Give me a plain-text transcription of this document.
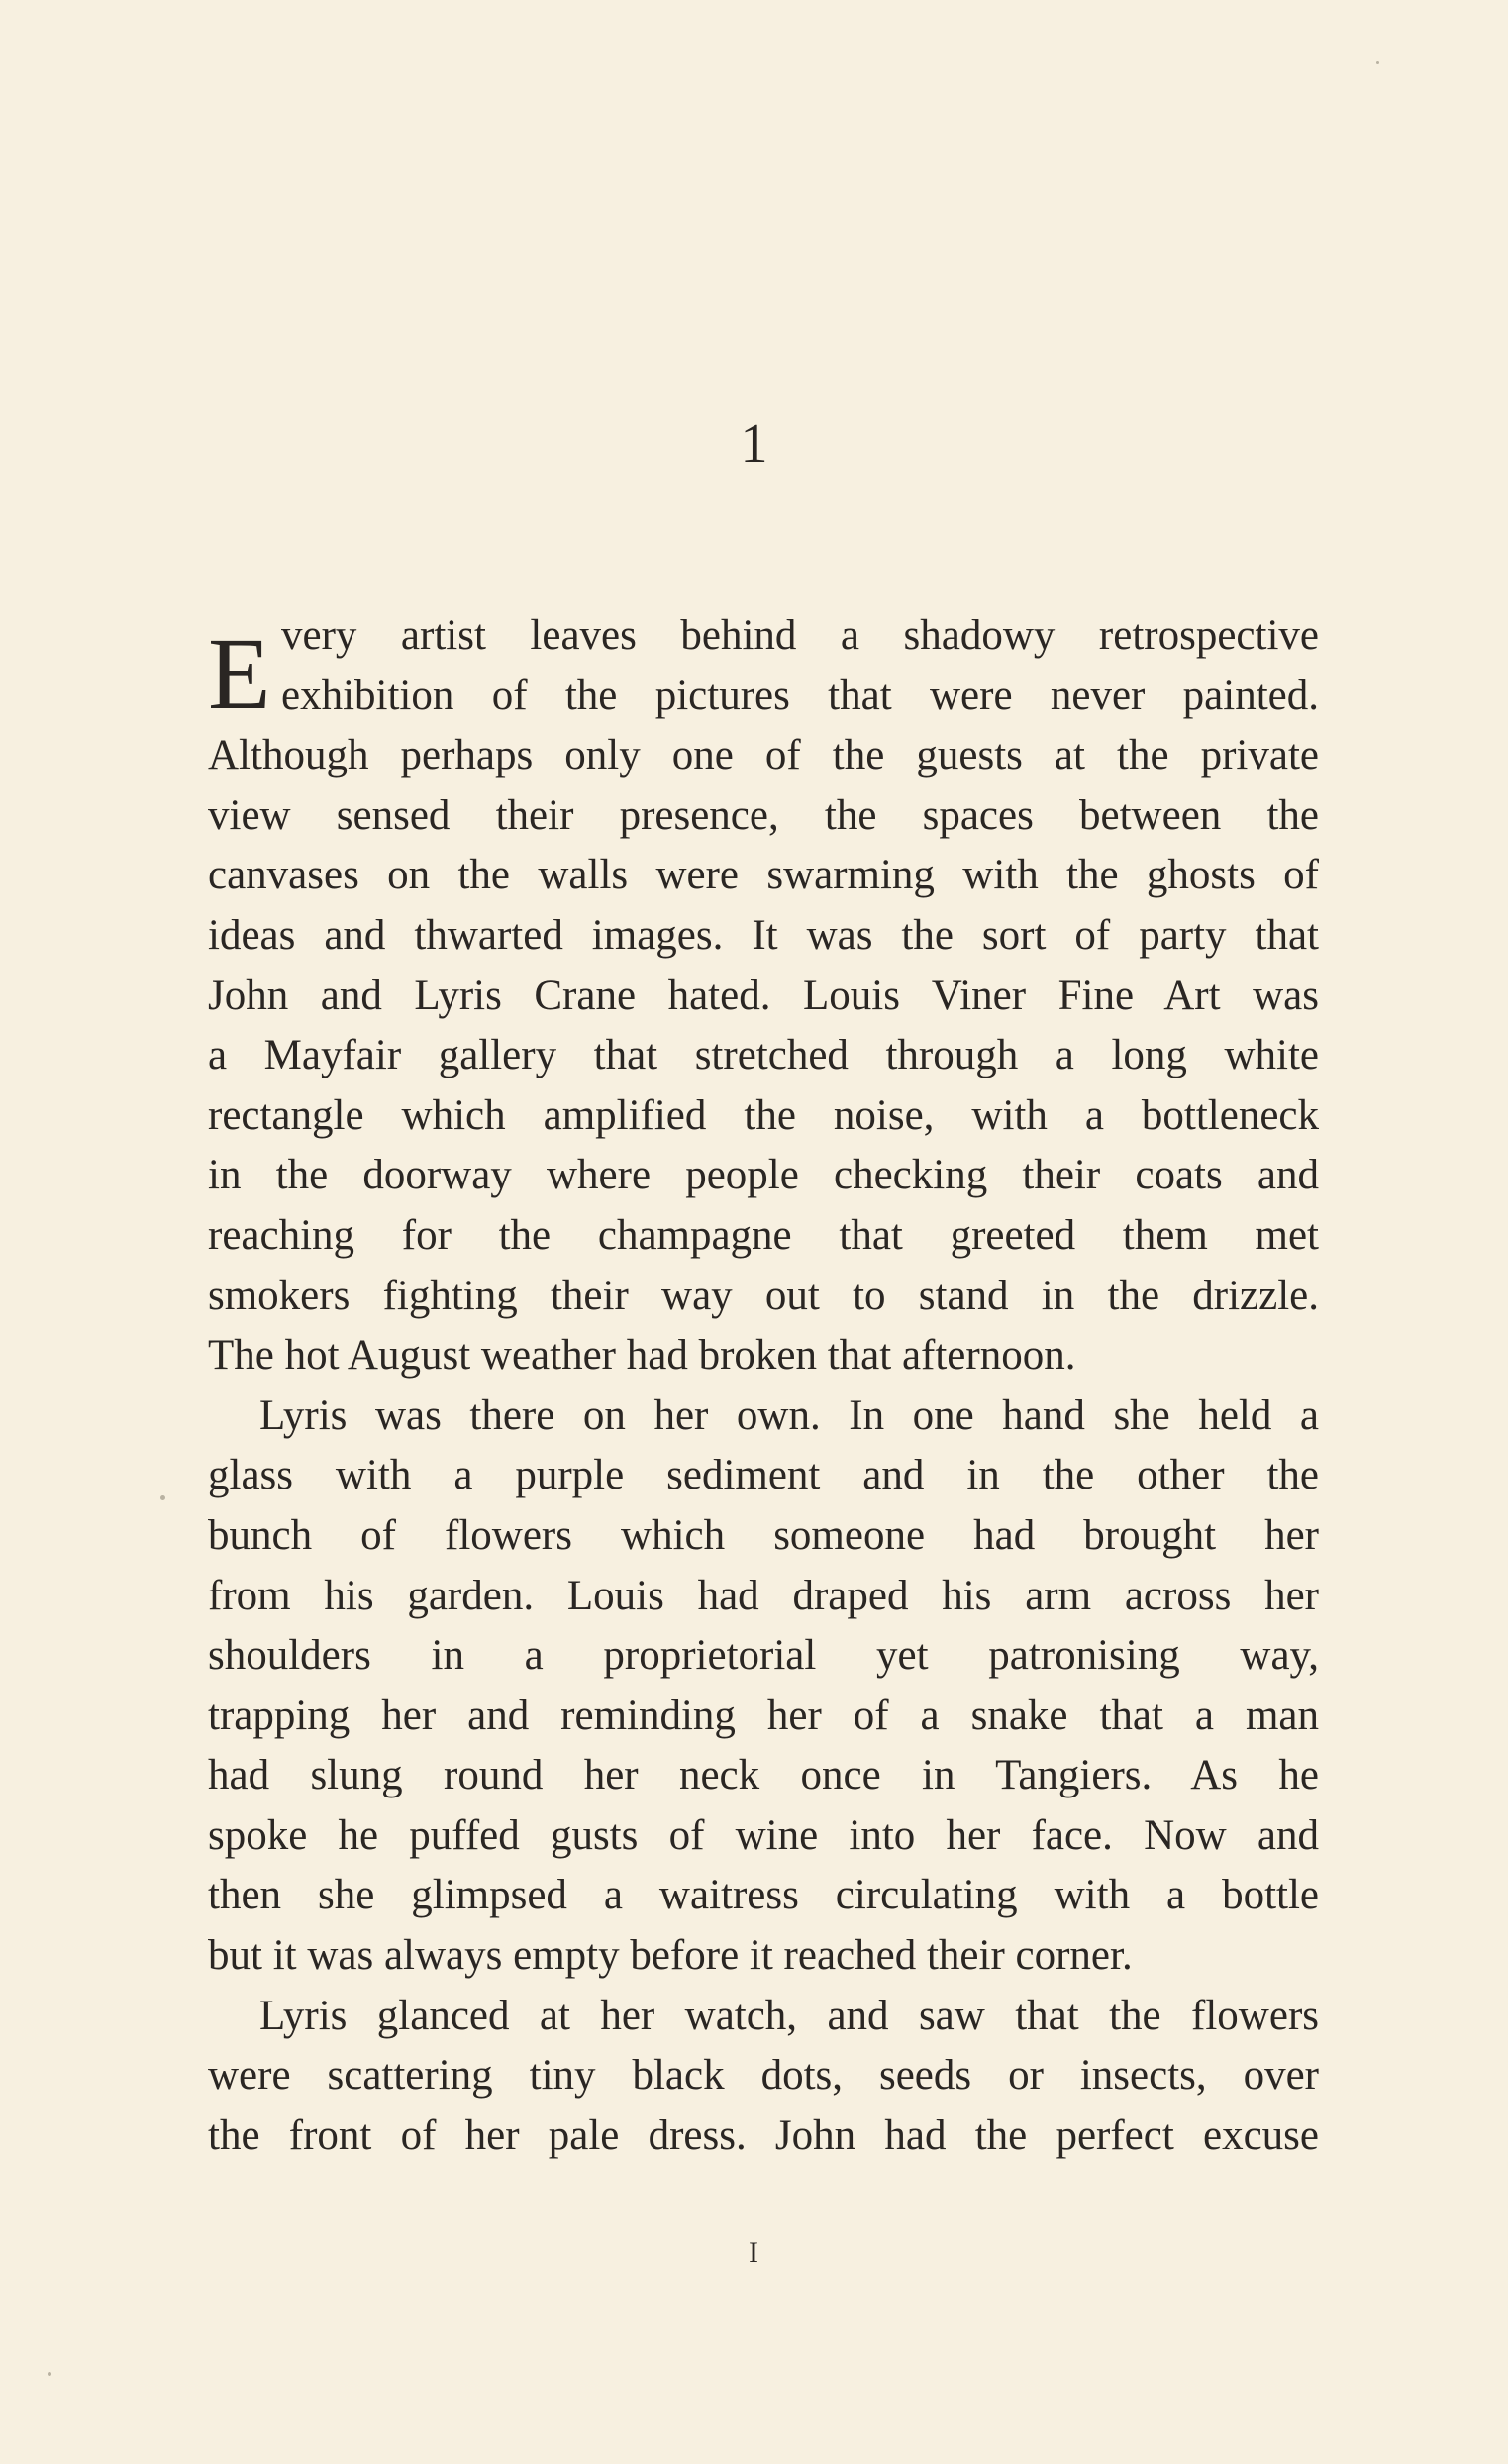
1
E very artist leaves behind a shadowy retrospective
exhibition of the pictures that were never painted.
Although perhaps only one of the guests at the private
view sensed their presence, the spaces between the
canvases on the walls were swarming with the ghosts of
ideas and thwarted images. It was the sort of party that
John and Lyris Crane hated. Louis Viner Fine Art was
a Mayfair gallery that stretched through a long white
rectangle which amplified the noise, with a bottleneck
in the doorway where people checking their coats and
reaching for the champagne that greeted them met
smokers fighting their way out to stand in the drizzle.
The hot August weather had broken that afternoon.
Lyris was there on her own. In one hand she held a
glass with a purple sediment and in the other the
bunch of flowers which someone had brought her
from his garden. Louis had draped his arm across her
shoulders in a proprietorial yet patronising way,
trapping her and reminding her of a snake that a man
had slung round her neck once in Tangiers. As he
spoke he puffed gusts of wine into her face. Now and
then she glimpsed a waitress circulating with a bottle
but it was always empty before it reached their corner.
Lyris glanced at her watch, and saw that the flowers
were scattering tiny black dots, seeds or insects, over
the front of her pale dress. John had the perfect excuse
I
